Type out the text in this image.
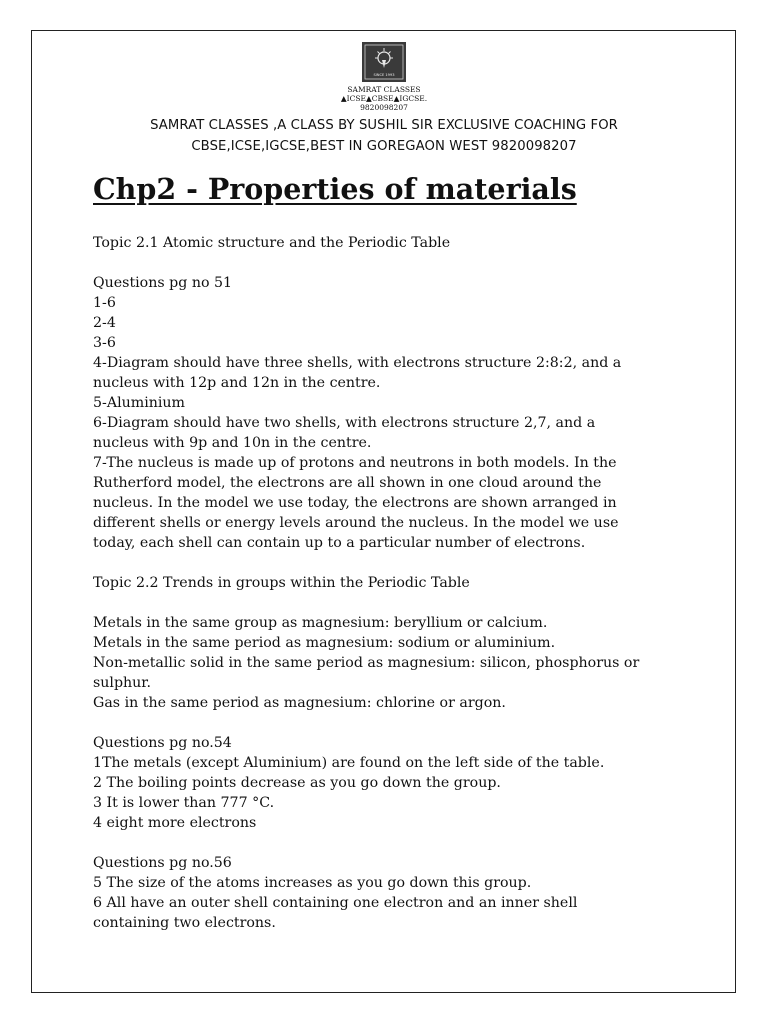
SINCE 1993
SAMRAT CLASSES
▲ICSE▲CBSE▲IGCSE.
9820098207
SAMRAT CLASSES ,A CLASS BY SUSHIL SIR EXCLUSIVE COACHING FOR
CBSE,ICSE,IGCSE,BEST IN GOREGAON WEST 9820098207
Chp2 - Properties of materials

Topic 2.1 Atomic structure and the Periodic Table

Questions pg no 51

1-6

2-4

3-6

4-Diagram should have three shells, with electrons structure 2:8:2, and a

nucleus with 12p and 12n in the centre.

5-Aluminium

6-Diagram should have two shells, with electrons structure 2,7, and a

nucleus with 9p and 10n in the centre.

7-The nucleus is made up of protons and neutrons in both models. In the

Rutherford model, the electrons are all shown in one cloud around the

nucleus. In the model we use today, the electrons are shown arranged in

different shells or energy levels around the nucleus. In the model we use

today, each shell can contain up to a particular number of electrons.

Topic 2.2 Trends in groups within the Periodic Table

Metals in the same group as magnesium: beryllium or calcium.

Metals in the same period as magnesium: sodium or aluminium.

Non-metallic solid in the same period as magnesium: silicon, phosphorus or

sulphur.

Gas in the same period as magnesium: chlorine or argon.

Questions pg no.54

1The metals (except Aluminium) are found on the left side of the table.

2 The boiling points decrease as you go down the group.

3 It is lower than 777 °C.

4 eight more electrons

Questions pg no.56

5 The size of the atoms increases as you go down this group.

6 All have an outer shell containing one electron and an inner shell

containing two electrons.
